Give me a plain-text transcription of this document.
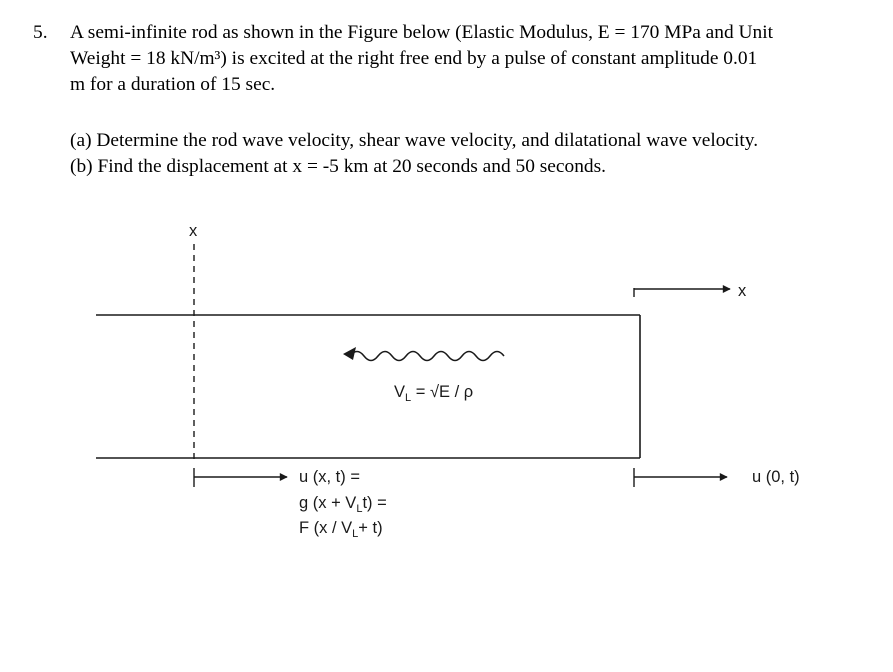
5. A semi-infinite rod as shown in the Figure below (Elastic Modulus, E = 170 MPa and Unit
Weight = 18 kN/m³) is excited at the right free end by a pulse of constant amplitude 0.01
m for a duration of 15 sec.
(a) Determine the rod wave velocity, shear wave velocity, and dilatational wave velocity.
(b) Find the displacement at x = -5 km at 20 seconds and 50 seconds.
x
x
$V_L = √E / \rho$
u (x, t) =
g $(x + V_Lt)$ =
F $(x / V_L+ t)$
u (0, t)
